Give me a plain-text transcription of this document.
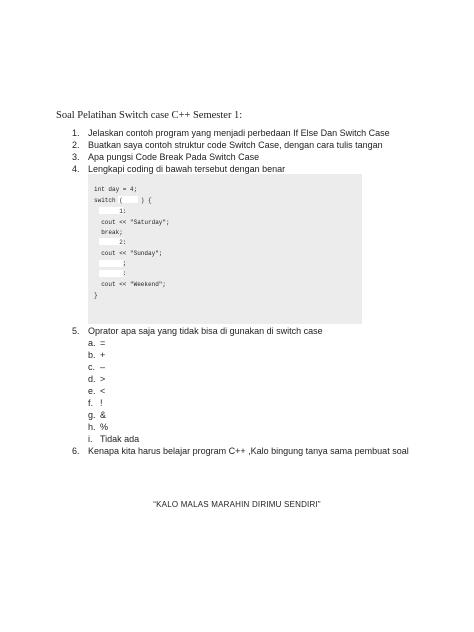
Soal Pelatihan Switch case C++ Semester 1:
1. Jelaskan contoh program yang menjadi perbedaan If Else Dan Switch Case
2. Buatkan saya contoh struktur code Switch Case, dengan cara tulis tangan
3. Apa pungsi Code Break Pada Switch Case
4. Lengkapi coding di bawah tersebut dengan benar
int day = 4;
switch (     ) {
1:
cout << "Saturday";
break;
2:
cout << "Sunday";
;
:
cout << "Weekend";
}
5. Oprator apa saja yang tidak bisa di gunakan di switch case
a. =
b. +
c. –
d. >
e. <
f. !
g. &
h. %
i. Tidak ada
6. Kenapa kita harus belajar program C++ ,Kalo bingung tanya sama pembuat soal
“KALO MALAS MARAHIN DIRIMU SENDIRI”
